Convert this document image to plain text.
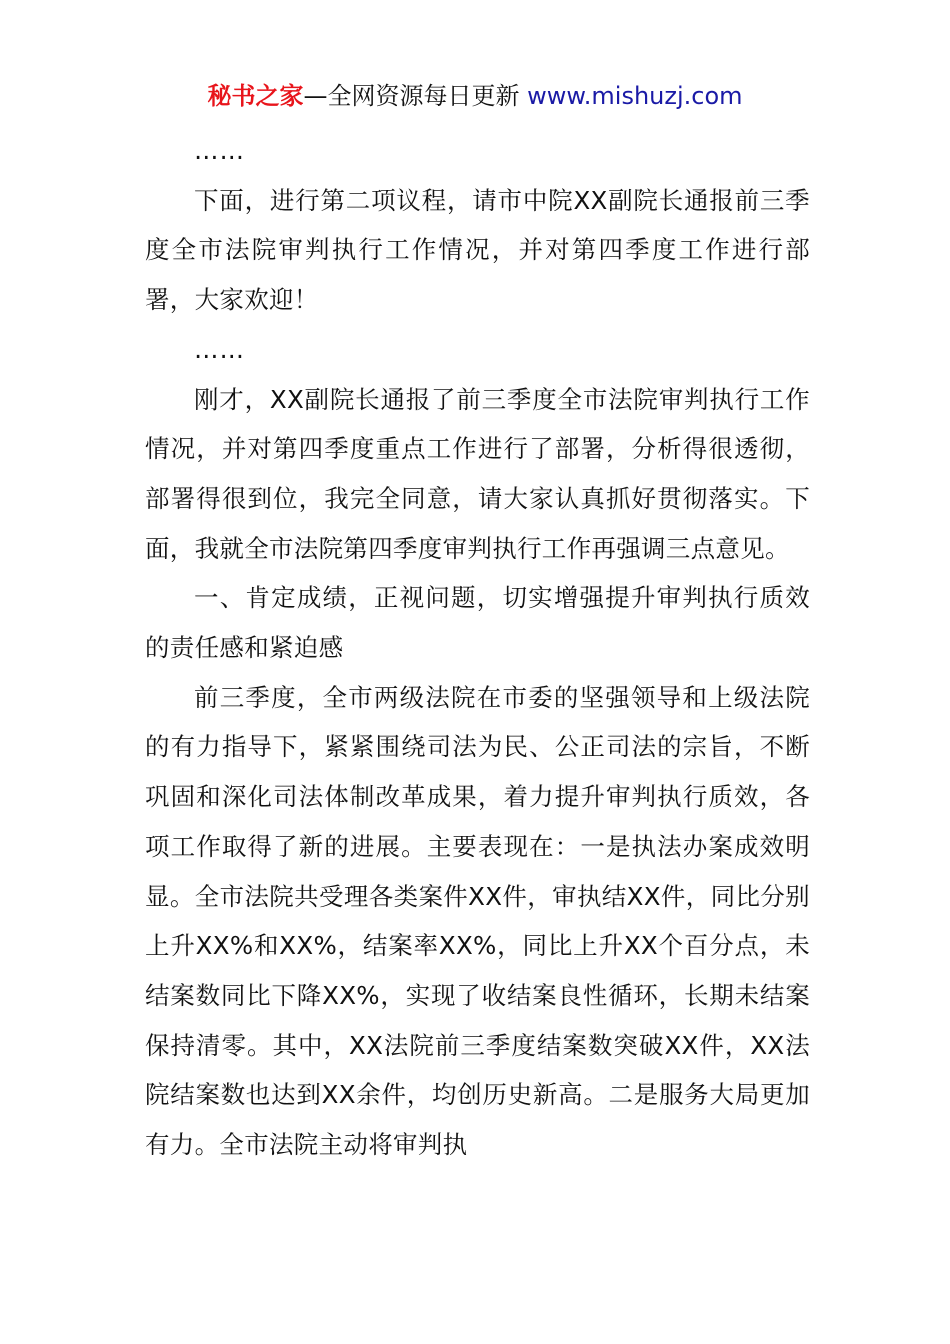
秘书之家—全网资源每日更新 www.mishuzj.com

……

下面，进行第二项议程，请市中院XX副院长通报前三季度全市法院审判执行工作情况，并对第四季度工作进行部署，大家欢迎！

……

刚才，XX副院长通报了前三季度全市法院审判执行工作情况，并对第四季度重点工作进行了部署，分析得很透彻，部署得很到位，我完全同意，请大家认真抓好贯彻落实。下面，我就全市法院第四季度审判执行工作再强调三点意见。

一、肯定成绩，正视问题，切实增强提升审判执行质效的责任感和紧迫感

前三季度，全市两级法院在市委的坚强领导和上级法院的有力指导下，紧紧围绕司法为民、公正司法的宗旨，不断巩固和深化司法体制改革成果，着力提升审判执行质效，各项工作取得了新的进展。主要表现在：一是执法办案成效明显。全市法院共受理各类案件XX件，审执结XX件，同比分别上升XX%和XX%，结案率XX%，同比上升XX个百分点，未结案数同比下降XX%，实现了收结案良性循环，长期未结案保持清零。其中，XX法院前三季度结案数突破XX件，XX法院结案数也达到XX余件，均创历史新高。二是服务大局更加有力。全市法院主动将审判执
